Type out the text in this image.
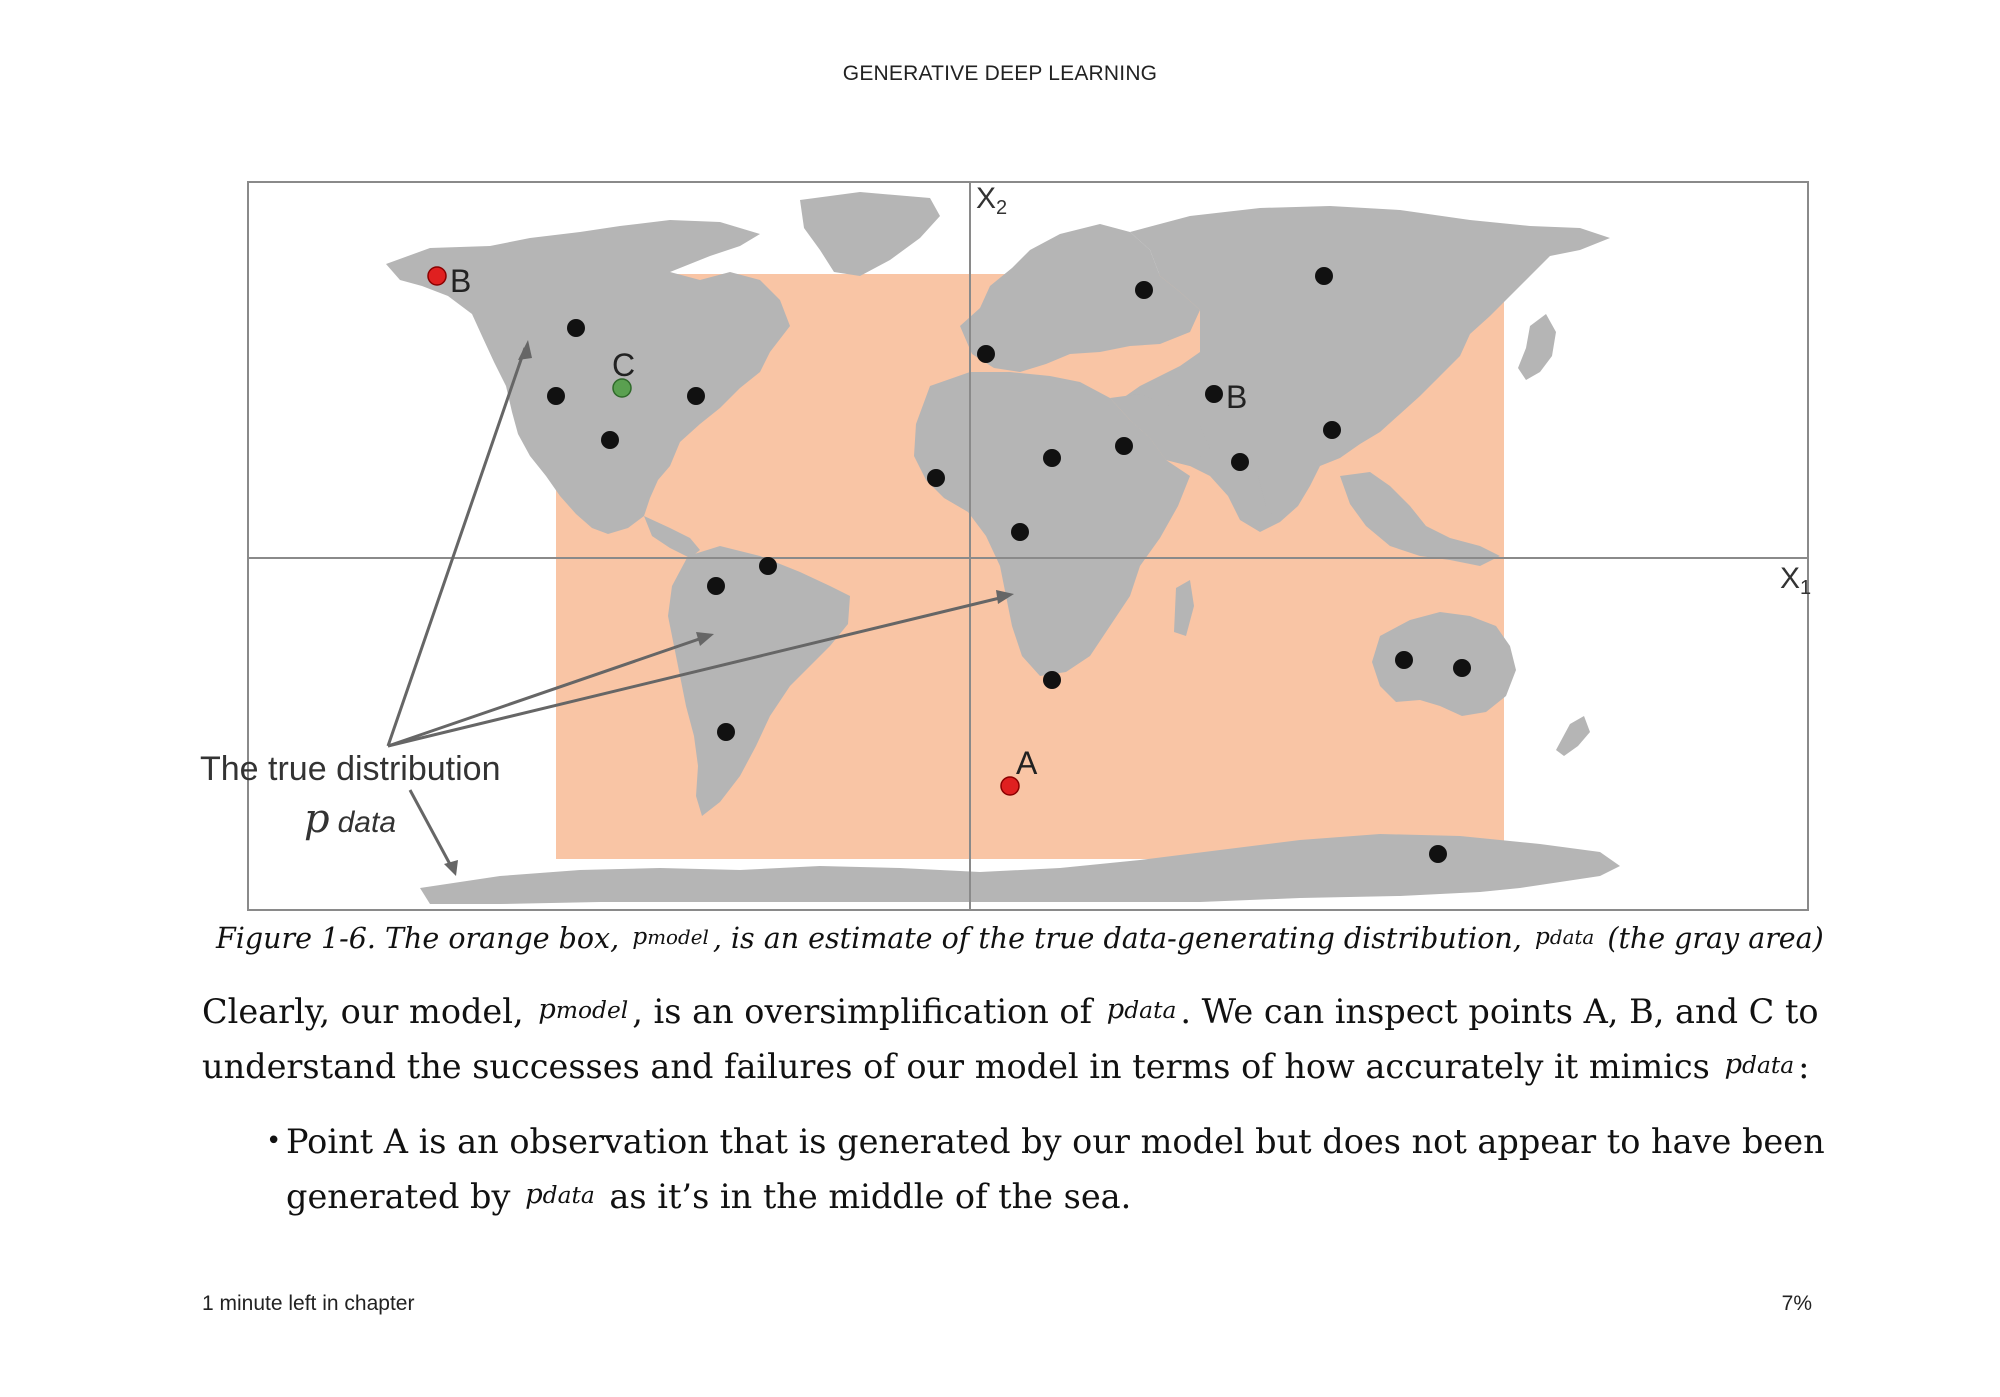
GENERATIVE DEEP LEARNING
$X_1$
$X_2$
B
C
B
A
The true distribution
p data
Figure 1-6. The orange box, pmodel , is an estimate of the true data-generating distribution, pdata (the gray area)

Clearly, our model, pmodel , is an oversimplification of pdata . We can inspect points A, B, and C to

understand the successes and failures of our model in terms of how accurately it mimics pdata :

• Point A is an observation that is generated by our model but does not appear to have been

generated by pdata as it’s in the middle of the sea.

1 minute left in chapter	7%
